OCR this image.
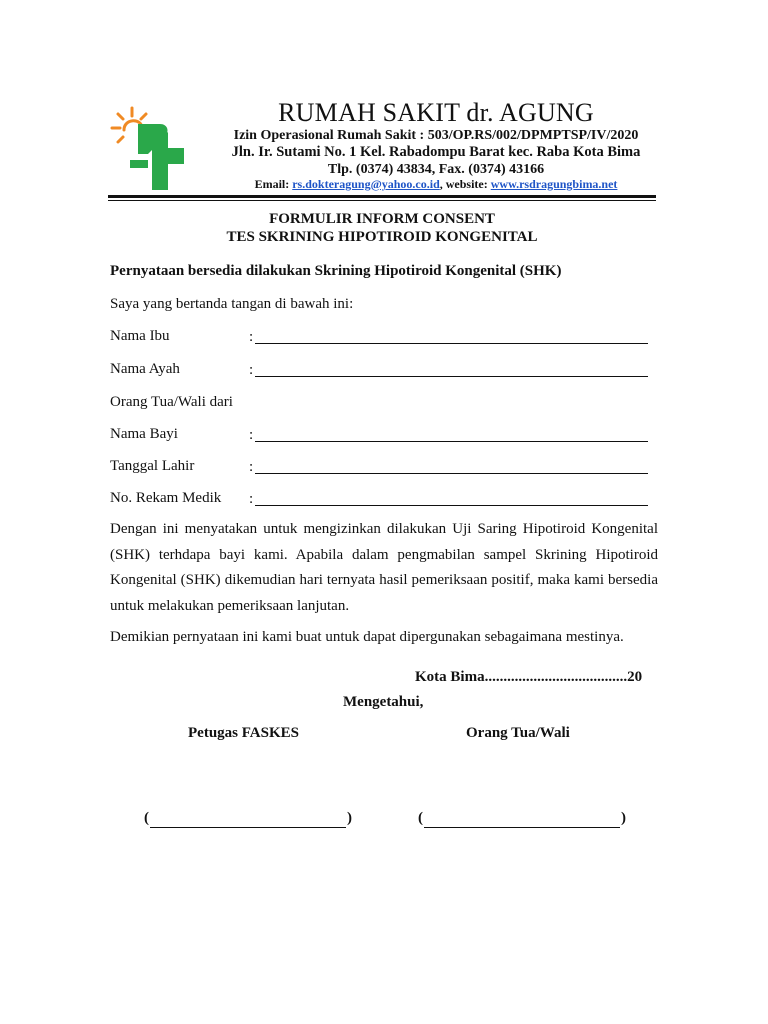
RUMAH SAKIT dr. AGUNG
Izin Operasional Rumah Sakit : 503/OP.RS/002/DPMPTSP/IV/2020
Jln. Ir. Sutami No. 1 Kel. Rabadompu Barat kec. Raba Kota Bima
Tlp. (0374) 43834, Fax. (0374) 43166
Email: rs.dokteragung@yahoo.co.id, website: www.rsdragungbima.net
FORMULIR INFORM CONSENT
TES SKRINING HIPOTIROID KONGENITAL
Pernyataan bersedia dilakukan Skrining Hipotiroid Kongenital (SHK)
Saya yang bertanda tangan di bawah ini:
Nama Ibu	:
Nama Ayah	:
Orang Tua/Wali dari
Nama Bayi	:
Tanggal Lahir	:
No. Rekam Medik :
Dengan ini menyatakan untuk mengizinkan dilakukan Uji Saring Hipotiroid Kongenital (SHK) terhdapa bayi kami. Apabila dalam pengmabilan sampel Skrining Hipotiroid Kongenital (SHK) dikemudian hari ternyata hasil pemeriksaan positif, maka kami bersedia untuk melakukan pemeriksaan lanjutan.
Demikian pernyataan ini kami buat untuk dapat dipergunakan sebagaimana mestinya.
Kota Bima......................................20
Mengetahui,
Petugas FASKES	Orang Tua/Wali
(	)	(	)
